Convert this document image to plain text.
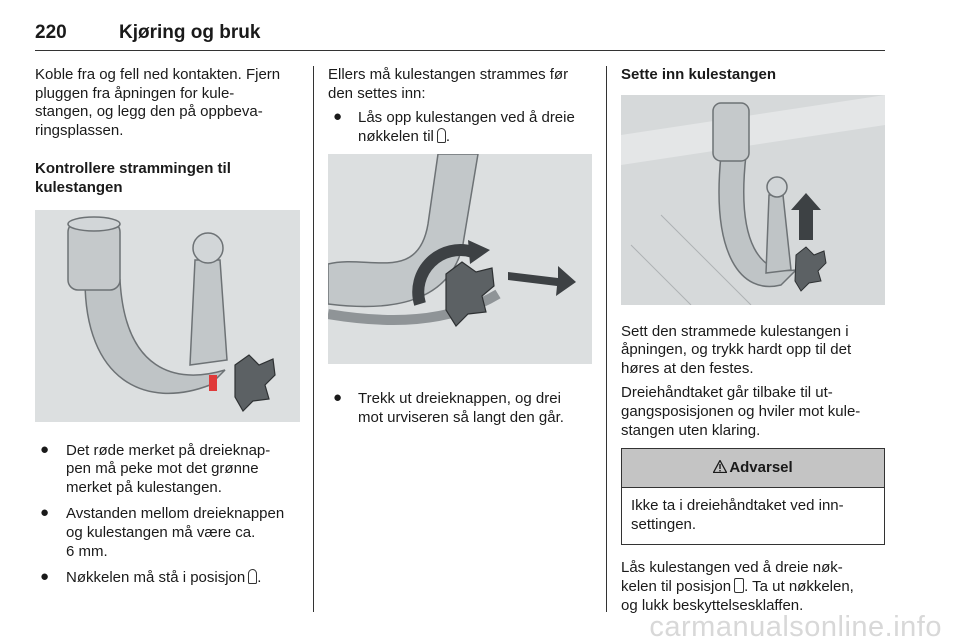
220	Kjøring og bruk

Koble fra og fell ned kontakten. Fjern
pluggen fra åpningen for kule-
stangen, og legg den på oppbeva-
ringsplassen.

Kontrollere strammingen til
kulestangen
● Det røde merket på dreieknap-
pen må peke mot det grønne
merket på kulestangen.
● Avstanden mellom dreieknappen
og kulestangen må være ca.
6 mm.
● Nøkkelen må stå i posisjon .

Ellers må kulestangen strammes før
den settes inn:

● Lås opp kulestangen ved å dreie
nøkkelen til .
● Trekk ut dreieknappen, og drei
mot urviseren så langt den går.
Sette inn kulestangen

Sett den strammede kulestangen i
åpningen, og trykk hardt opp til det
høres at den festes.

Dreiehåndtaket går tilbake til ut-
gangsposisjonen og hviler mot kule-
stangen uten klaring.

Advarsel
Ikke ta i dreiehåndtaket ved inn-
settingen.

Lås kulestangen ved å dreie nøk-
kelen til posisjon . Ta ut nøkkelen,
og lukk beskyttelsesklaffen.

carmanualsonline.info
